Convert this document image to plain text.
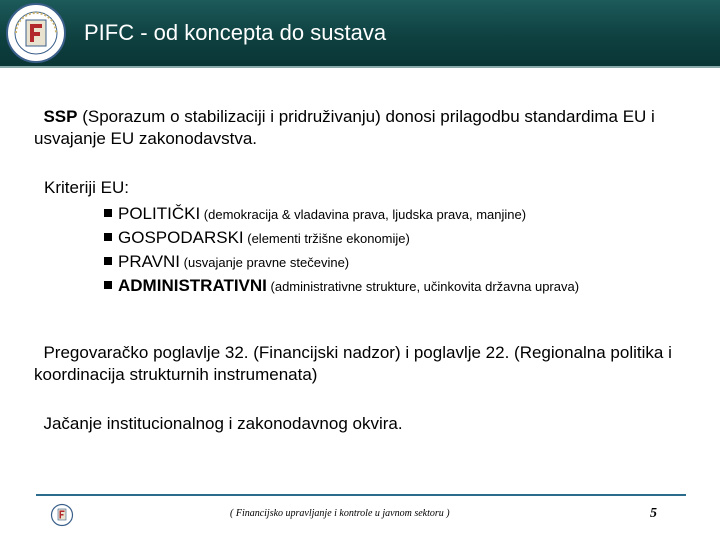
PIFC - od koncepta do sustava
SSP (Sporazum o stabilizaciji i pridruživanju) donosi prilagodbu standardima EU i usvajanje EU zakonodavstva.
Kriteriji EU:
POLITIČKI (demokracija & vladavina prava, ljudska prava, manjine)
GOSPODARSKI (elementi tržišne ekonomije)
PRAVNI (usvajanje pravne stečevine)
ADMINISTRATIVNI (administrativne strukture, učinkovita državna uprava)
Pregovaračko poglavlje 32. (Financijski nadzor) i poglavlje 22. (Regionalna politika i koordinacija strukturnih instrumenata)
Jačanje institucionalnog i zakonodavnog okvira.
( Financijsko upravljanje i kontrole u javnom sektoru )	5
